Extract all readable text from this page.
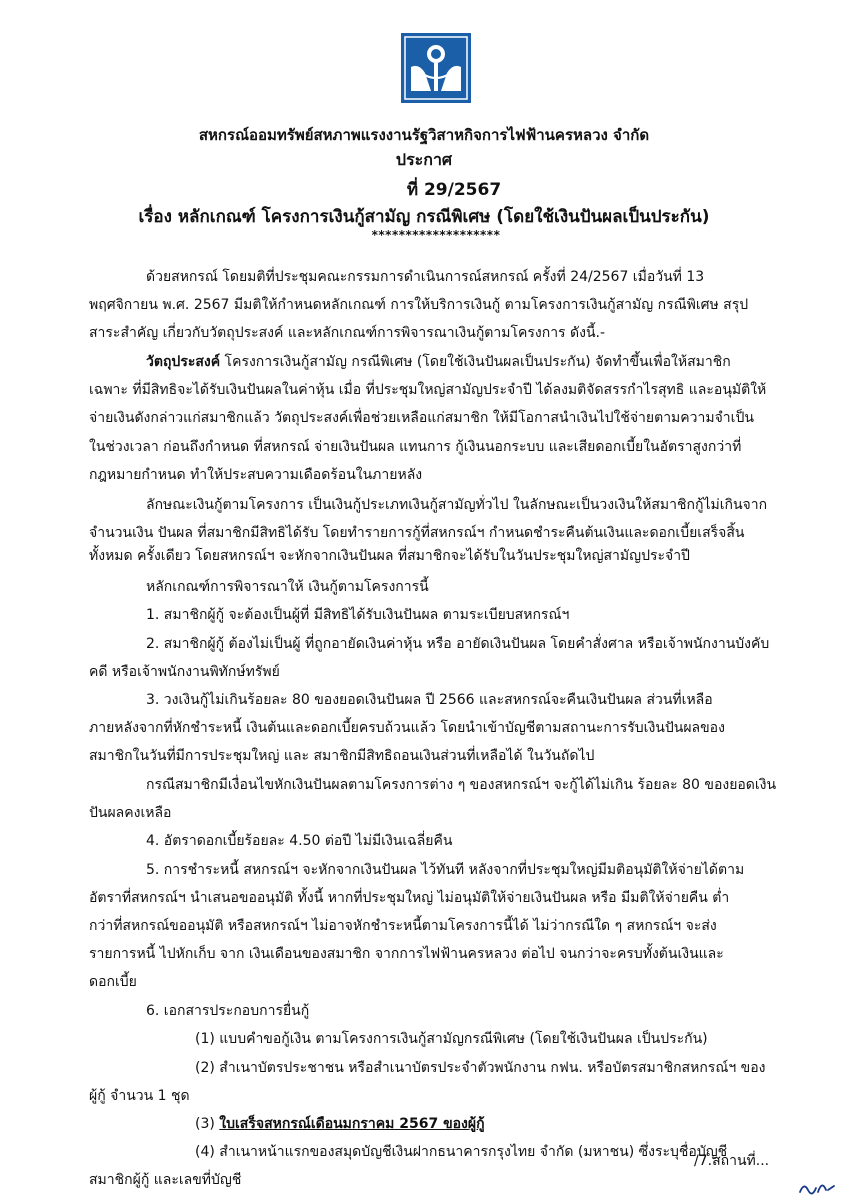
สหกรณ์ออมทรัพย์สหภาพแรงงานรัฐวิสาหกิจการไฟฟ้านครหลวง จำกัด
ประกาศ
ที่ 29/2567
เรื่อง หลักเกณฑ์ โครงการเงินกู้สามัญ กรณีพิเศษ (โดยใช้เงินปันผลเป็นประกัน)
*******************
ด้วยสหกรณ์ โดยมติที่ประชุมคณะกรรมการดำเนินการณ์สหกรณ์ ครั้งที่ 24/2567 เมื่อวันที่ 13
พฤศจิกายน พ.ศ. 2567 มีมติให้กำหนดหลักเกณฑ์ การให้บริการเงินกู้ ตามโครงการเงินกู้สามัญ กรณีพิเศษ สรุป
สาระสำคัญ เกี่ยวกับวัตถุประสงค์ และหลักเกณฑ์การพิจารณาเงินกู้ตามโครงการ ดังนี้.-
วัตถุประสงค์ โครงการเงินกู้สามัญ กรณีพิเศษ (โดยใช้เงินปันผลเป็นประกัน) จัดทำขึ้นเพื่อให้สมาชิก
เฉพาะ ที่มีสิทธิจะได้รับเงินปันผลในค่าหุ้น เมื่อ ที่ประชุมใหญ่สามัญประจำปี ได้ลงมติจัดสรรกำไรสุทธิ และอนุมัติให้
จ่ายเงินดังกล่าวแก่สมาชิกแล้ว วัตถุประสงค์เพื่อช่วยเหลือแก่สมาชิก ให้มีโอกาสนำเงินไปใช้จ่ายตามความจำเป็น
ในช่วงเวลา ก่อนถึงกำหนด ที่สหกรณ์ จ่ายเงินปันผล แทนการ กู้เงินนอกระบบ และเสียดอกเบี้ยในอัตราสูงกว่าที่
กฎหมายกำหนด ทำให้ประสบความเดือดร้อนในภายหลัง
ลักษณะเงินกู้ตามโครงการ เป็นเงินกู้ประเภทเงินกู้สามัญทั่วไป ในลักษณะเป็นวงเงินให้สมาชิกกู้ไม่เกินจาก
จำนวนเงิน ปันผล ที่สมาชิกมีสิทธิได้รับ โดยทำรายการกู้ที่สหกรณ์ฯ กำหนดชำระคืนต้นเงินและดอกเบี้ยเสร็จสิ้น
ทั้งหมด ครั้งเดียว โดยสหกรณ์ฯ จะหักจากเงินปันผล ที่สมาชิกจะได้รับในวันประชุมใหญ่สามัญประจำปี
หลักเกณฑ์การพิจารณาให้ เงินกู้ตามโครงการนี้
1. สมาชิกผู้กู้ จะต้องเป็นผู้ที่ มีสิทธิได้รับเงินปันผล ตามระเบียบสหกรณ์ฯ
2. สมาชิกผู้กู้ ต้องไม่เป็นผู้ ที่ถูกอายัดเงินค่าหุ้น หรือ อายัดเงินปันผล โดยคำสั่งศาล หรือเจ้าพนักงานบังคับ
คดี หรือเจ้าพนักงานพิทักษ์ทรัพย์
3. วงเงินกู้ไม่เกินร้อยละ 80 ของยอดเงินปันผล ปี 2566 และสหกรณ์จะคืนเงินปันผล ส่วนที่เหลือ
ภายหลังจากที่หักชำระหนี้ เงินต้นและดอกเบี้ยครบถ้วนแล้ว โดยนำเข้าบัญชีตามสถานะการรับเงินปันผลของ
สมาชิกในวันที่มีการประชุมใหญ่ และ สมาชิกมีสิทธิถอนเงินส่วนที่เหลือได้ ในวันถัดไป
กรณีสมาชิกมีเงื่อนไขหักเงินปันผลตามโครงการต่าง ๆ ของสหกรณ์ฯ จะกู้ได้ไม่เกิน ร้อยละ 80 ของยอดเงิน
ปันผลคงเหลือ
4. อัตราดอกเบี้ยร้อยละ 4.50 ต่อปี ไม่มีเงินเฉลี่ยคืน
5. การชำระหนี้ สหกรณ์ฯ จะหักจากเงินปันผล ไว้ทันที หลังจากที่ประชุมใหญ่มีมติอนุมัติให้จ่ายได้ตาม
อัตราที่สหกรณ์ฯ นำเสนอขออนุมัติ ทั้งนี้ หากที่ประชุมใหญ่ ไม่อนุมัติให้จ่ายเงินปันผล หรือ มีมติให้จ่ายคืน ต่ำ
กว่าที่สหกรณ์ขออนุมัติ หรือสหกรณ์ฯ ไม่อาจหักชำระหนี้ตามโครงการนี้ได้ ไม่ว่ากรณีใด ๆ สหกรณ์ฯ จะส่ง
รายการหนี้ ไปหักเก็บ จาก เงินเดือนของสมาชิก จากการไฟฟ้านครหลวง ต่อไป จนกว่าจะครบทั้งต้นเงินและ
ดอกเบี้ย
6. เอกสารประกอบการยื่นกู้
(1) แบบคำขอกู้เงิน ตามโครงการเงินกู้สามัญกรณีพิเศษ (โดยใช้เงินปันผล เป็นประกัน)
(2) สำเนาบัตรประชาชน หรือสำเนาบัตรประจำตัวพนักงาน กฟน. หรือบัตรสมาชิกสหกรณ์ฯ ของ
ผู้กู้ จำนวน 1 ชุด
(3) ใบเสร็จสหกรณ์เดือนมกราคม 2567 ของผู้กู้
(4) สำเนาหน้าแรกของสมุดบัญชีเงินฝากธนาคารกรุงไทย จำกัด (มหาชน) ซึ่งระบุชื่อบัญชี
สมาชิกผู้กู้ และเลขที่บัญชี
/7.สถานที่...
